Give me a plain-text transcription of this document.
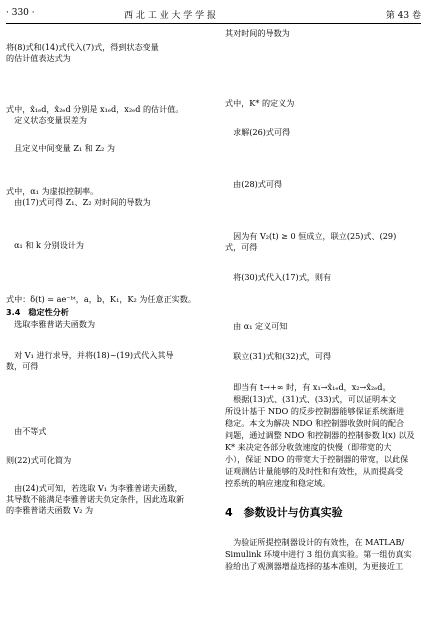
· 330 ·	西 北 工 业 大 学 学 报	第 43 卷
将(8)式和(14)式代入(7)式，得到状态变量
的估计值表达式为
式中，x̂₁ₑd，x̂₂ₑd 分别是 x₁ₑd，x₂ₑd 的估计值。
　定义状态变量误差为
　且定义中间变量 Z₁ 和 Z₂ 为
式中，α₁ 为虚拟控制率。
　由(17)式可得 Z₁、Z₂ 对时间的导数为
　α₁ 和 k 分别设计为
式中：δ(t) = ae⁻ᵇᵗ，a，b，K₁，K₂ 为任意正实数。
3.4　稳定性分析
　选取李雅普诺夫函数为
　对 V₁ 进行求导，并将(18)~(19)式代入其导
数，可得
　由不等式
则(22)式可化简为
　由(24)式可知，若选取 V₁ 为李雅普诺夫函数，
其导数不能满足李雅普诺夫负定条件，因此选取新
的李雅普诺夫函数 V₂ 为
其对时间的导数为
式中，K* 的定义为
　求解(26)式可得
　由(28)式可得
　因为有 V₂(t) ≥ 0 恒成立，联立(25)式、(29)
式，可得
　将(30)式代入(17)式，则有
　由 α₁ 定义可知
　联立(31)式和(32)式，可得
　即当有 t→+∞ 时，有 x₁→x̂₁ₑd，x₂→x̂₂ₑd。
　根据(13)式、(31)式、(33)式，可以证明本文
所设计基于 NDO 的反步控制器能够保证系统渐进
稳定。本文为解决 NDO 和控制器收敛时间的配合
问题，通过调整 NDO 和控制器的控制参数 l(x) 以及
K* 来决定各部分收敛速度的快慢（即带宽的大
小），保证 NDO 的带宽大于控制器的带宽，以此保
证观测估计量能够的及时性和有效性，从而提高受
控系统的响应速度和稳定域。
4　参数设计与仿真实验
　为验证所提控制器设计的有效性，在 MATLAB/
Simulink 环境中进行 3 组仿真实验。第一组仿真实
验给出了观测器增益选择的基本准则，为更接近工
